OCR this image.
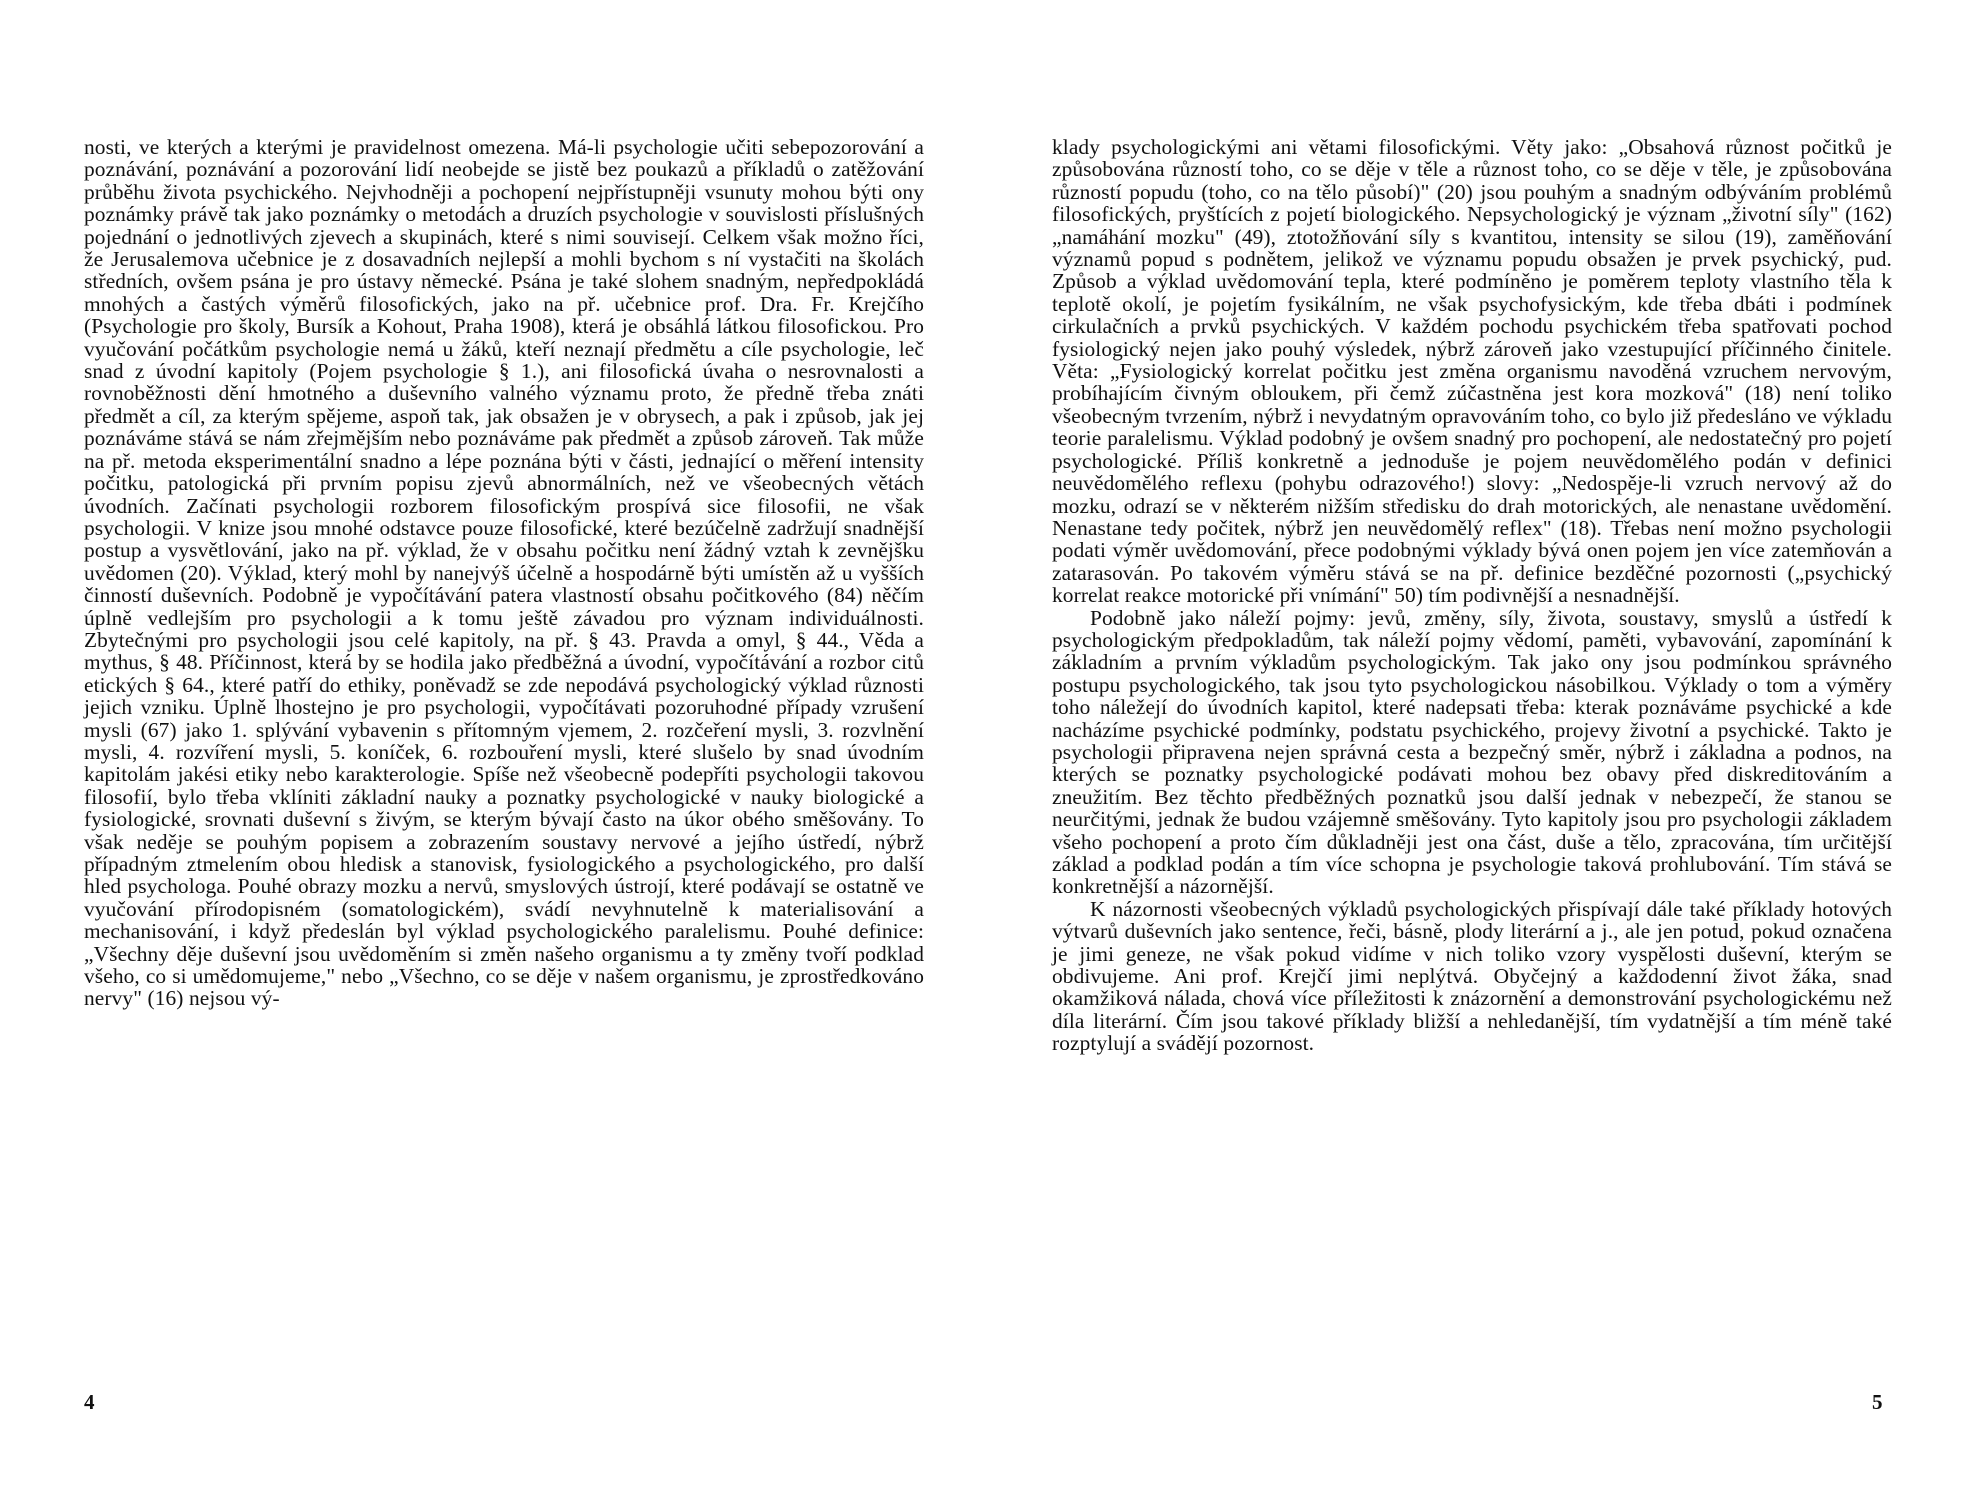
nosti, ve kterých a kterými je pravidelnost omezena. Má-li psychologie učiti sebepozorování a poznávání, poznávání a pozorování lidí neobejde se jistě bez poukazů a příkladů o zatěžování průběhu života psychického. Nejvhodněji a pochopení nejpřístupněji vsunuty mohou býti ony poznámky právě tak jako poznámky o metodách a druzích psychologie v souvislosti příslušných pojednání o jednotlivých zjevech a skupinách, které s nimi souvisejí. Celkem však možno říci, že Jerusalemova učebnice je z dosavadních nejlepší a mohli bychom s ní vystačiti na školách středních, ovšem psána je pro ústavy německé. Psána je také slohem snadným, nepředpokládá mnohých a častých výměrů filosofických, jako na př. učebnice prof. Dra. Fr. Krejčího (Psychologie pro školy, Bursík a Kohout, Praha 1908), která je obsáhlá látkou filosofickou. Pro vyučování počátkům psychologie nemá u žáků, kteří neznají předmětu a cíle psychologie, leč snad z úvodní kapitoly (Pojem psychologie § 1.), ani filosofická úvaha o nesrovnalosti a rovnoběžnosti dění hmotného a duševního valného významu proto, že předně třeba znáti předmět a cíl, za kterým spějeme, aspoň tak, jak obsažen je v obrysech, a pak i způsob, jak jej poznáváme stává se nám zřejmějším nebo poznáváme pak předmět a způsob zároveň. Tak může na př. metoda eksperimentální snadno a lépe poznána býti v části, jednající o měření intensity počitku, patologická při prvním popisu zjevů abnormálních, než ve všeobecných větách úvodních. Začínati psychologii rozborem filosofickým prospívá sice filosofii, ne však psychologii. V knize jsou mnohé odstavce pouze filosofické, které bezúčelně zadržují snadnější postup a vysvětlování, jako na př. výklad, že v obsahu počitku není žádný vztah k zevnějšku uvědomen (20). Výklad, který mohl by nanejvýš účelně a hospodárně býti umístěn až u vyšších činností duševních. Podobně je vypočítávání patera vlastností obsahu počitkového (84) něčím úplně vedlejším pro psychologii a k tomu ještě závadou pro význam individuálnosti. Zbytečnými pro psychologii jsou celé kapitoly, na př. § 43. Pravda a omyl, § 44., Věda a mythus, § 48. Příčinnost, která by se hodila jako předběžná a úvodní, vypočítávání a rozbor citů etických § 64., které patří do ethiky, poněvadž se zde nepodává psychologický výklad různosti jejich vzniku. Úplně lhostejno je pro psychologii, vypočítávati pozoruhodné případy vzrušení mysli (67) jako 1. splývání vybavenin s přítomným vjemem, 2. rozčeření mysli, 3. rozvlnění mysli, 4. rozvíření mysli, 5. koníček, 6. rozbouření mysli, které slušelo by snad úvodním kapitolám jakési etiky nebo karakterologie. Spíše než všeobecně podepříti psychologii takovou filosofií, bylo třeba vklíniti základní nauky a poznatky psychologické v nauky biologické a fysiologické, srovnati duševní s živým, se kterým bývají často na úkor obého směšovány. To však neděje se pouhým popisem a zobrazením soustavy nervové a jejího ústředí, nýbrž případným ztmelením obou hledisk a stanovisk, fysiologického a psychologického, pro další hled psychologa. Pouhé obrazy mozku a nervů, smyslových ústrojí, které podávají se ostatně ve vyučování přírodopisném (somatologickém), svádí nevyhnutelně k materialisování a mechanisování, i když předeslán byl výklad psychologického paralelismu. Pouhé definice: „Všechny děje duševní jsou uvědoměním si změn našeho organismu a ty změny tvoří podklad všeho, co si umědomujeme," nebo „Všechno, co se děje v našem organismu, je zprostředkováno nervy" (16) nejsou vý-

4

klady psychologickými ani větami filosofickými. Věty jako: „Obsahová různost počitků je způsobována růzností toho, co se děje v těle a různost toho, co se děje v těle, je způsobována růzností popudu (toho, co na tělo působí)" (20) jsou pouhým a snadným odbýváním problémů filosofických, pryštících z pojetí biologického. Nepsychologický je význam „životní síly" (162) „namáhání mozku" (49), ztotožňování síly s kvantitou, intensity se silou (19), zaměňování významů popud s podnětem, jelikož ve významu popudu obsažen je prvek psychický, pud. Způsob a výklad uvědomování tepla, které podmíněno je poměrem teploty vlastního těla k teplotě okolí, je pojetím fysikálním, ne však psychofysickým, kde třeba dbáti i podmínek cirkulačních a prvků psychických. V každém pochodu psychickém třeba spatřovati pochod fysiologický nejen jako pouhý výsledek, nýbrž zároveň jako vzestupující příčinného činitele. Věta: „Fysiologický korrelat počitku jest změna organismu navoděná vzruchem nervovým, probíhajícím čivným obloukem, při čemž zúčastněna jest kora mozková" (18) není toliko všeobecným tvrzením, nýbrž i nevydatným opravováním toho, co bylo již předesláno ve výkladu teorie paralelismu. Výklad podobný je ovšem snadný pro pochopení, ale nedostatečný pro pojetí psychologické. Příliš konkretně a jednoduše je pojem neuvědomělého podán v definici neuvědomělého reflexu (pohybu odrazového!) slovy: „Nedospěje-li vzruch nervový až do mozku, odrazí se v některém nižším středisku do drah motorických, ale nenastane uvědomění. Nenastane tedy počitek, nýbrž jen neuvědomělý reflex" (18). Třebas není možno psychologii podati výměr uvědomování, přece podobnými výklady bývá onen pojem jen více zatemňován a zatarasován. Po takovém výměru stává se na př. definice bezděčné pozornosti („psychický korrelat reakce motorické při vnímání" 50) tím podivnější a nesnadnější.

Podobně jako náleží pojmy: jevů, změny, síly, života, soustavy, smyslů a ústředí k psychologickým předpokladům, tak náleží pojmy vědomí, paměti, vybavování, zapomínání k základním a prvním výkladům psychologickým. Tak jako ony jsou podmínkou správného postupu psychologického, tak jsou tyto psychologickou násobilkou. Výklady o tom a výměry toho náležejí do úvodních kapitol, které nadepsati třeba: kterak poznáváme psychické a kde nacházíme psychické podmínky, podstatu psychického, projevy životní a psychické. Takto je psychologii připravena nejen správná cesta a bezpečný směr, nýbrž i základna a podnos, na kterých se poznatky psychologické podávati mohou bez obavy před diskreditováním a zneužitím. Bez těchto předběžných poznatků jsou další jednak v nebezpečí, že stanou se neurčitými, jednak že budou vzájemně směšovány. Tyto kapitoly jsou pro psychologii základem všeho pochopení a proto čím důkladněji jest ona část, duše a tělo, zpracována, tím určitější základ a podklad podán a tím více schopna je psychologie taková prohlubování. Tím stává se konkretnější a názornější.

K názornosti všeobecných výkladů psychologických přispívají dále také příklady hotových výtvarů duševních jako sentence, řeči, básně, plody literární a j., ale jen potud, pokud označena je jimi geneze, ne však pokud vidíme v nich toliko vzory vyspělosti duševní, kterým se obdivujeme. Ani prof. Krejčí jimi neplýtvá. Obyčejný a každodenní život žáka, snad okamžiková nálada, chová více příležitosti k znázornění a demonstrování psychologickému než díla literární. Čím jsou takové příklady bližší a nehledanější, tím vydatnější a tím méně také rozptylují a svádějí pozornost.

5
